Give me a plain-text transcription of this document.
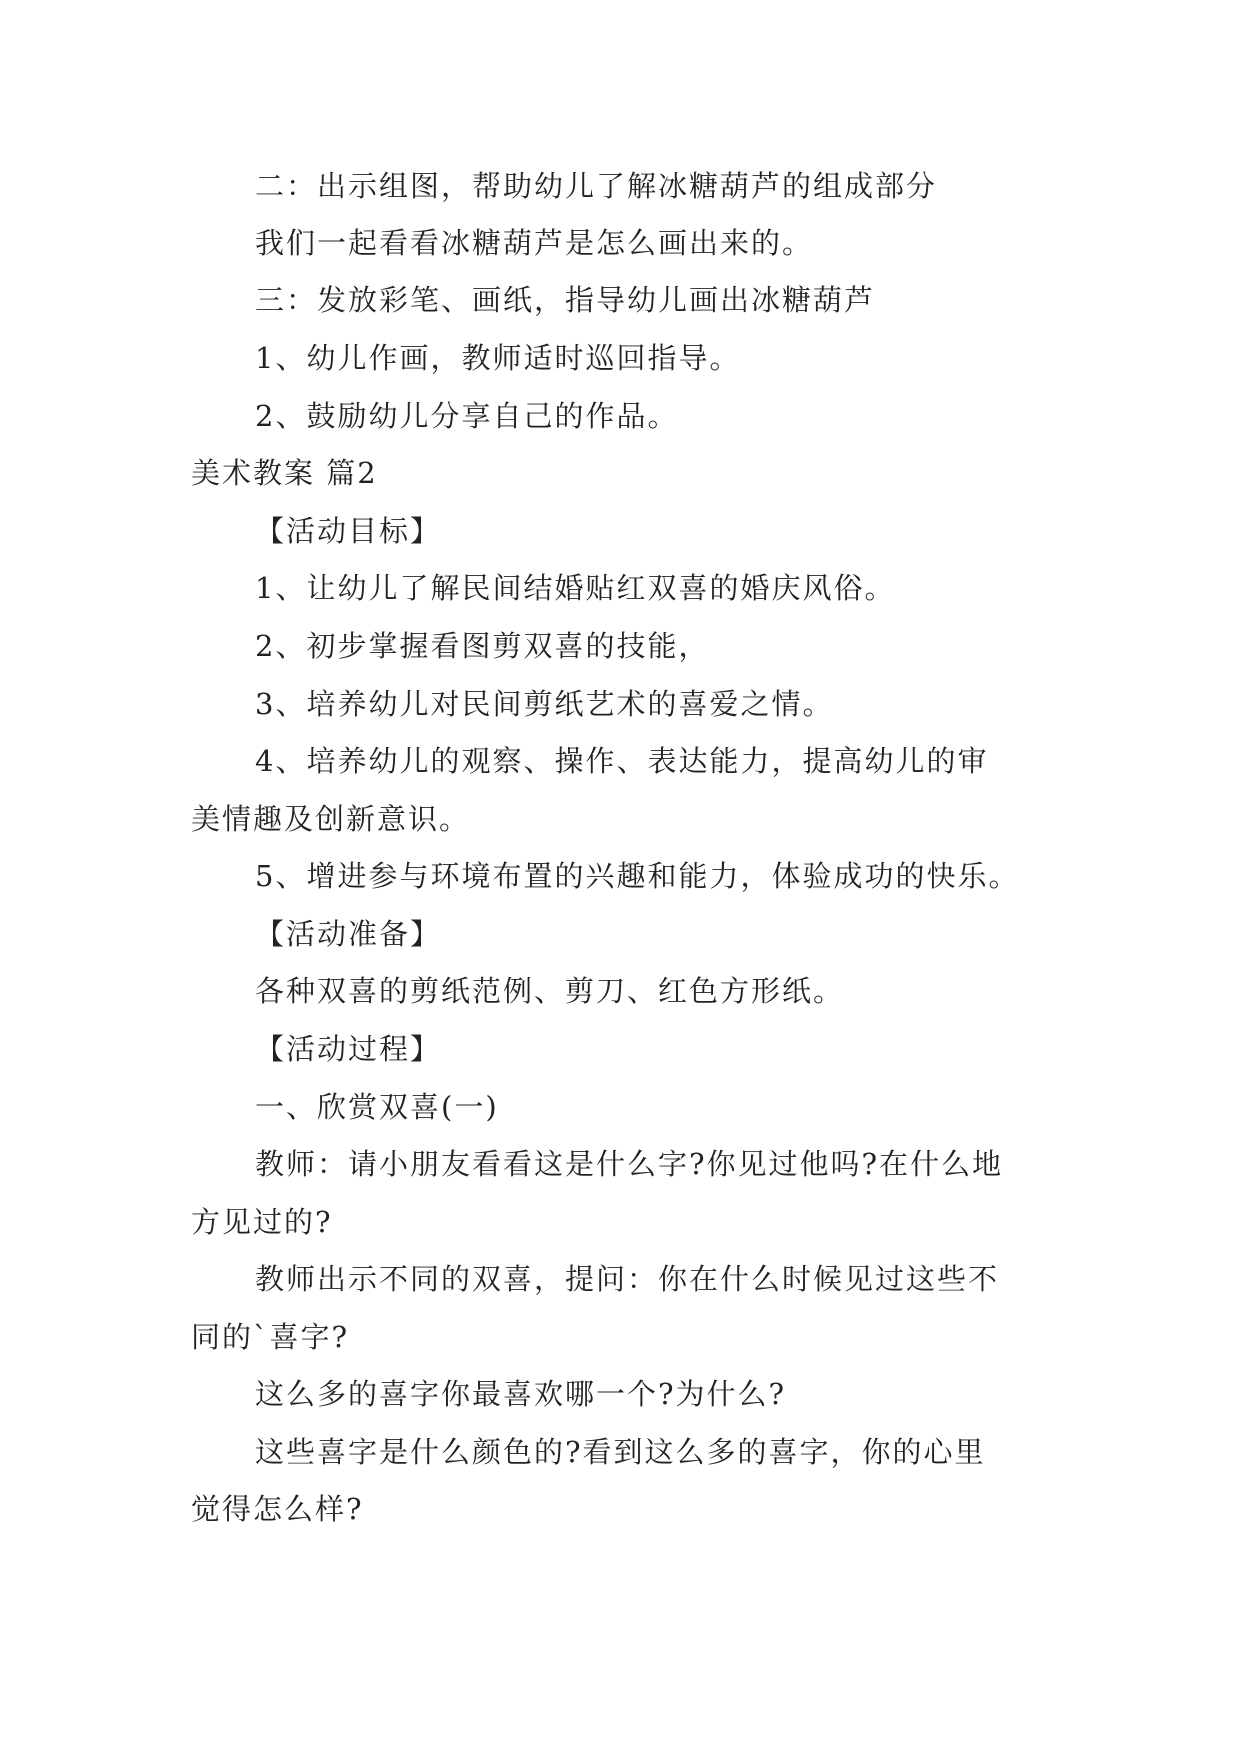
二：出示组图，帮助幼儿了解冰糖葫芦的组成部分
我们一起看看冰糖葫芦是怎么画出来的。
三：发放彩笔、画纸，指导幼儿画出冰糖葫芦
1、幼儿作画，教师适时巡回指导。
2、鼓励幼儿分享自己的作品。
美术教案 篇2
【活动目标】
1、让幼儿了解民间结婚贴红双喜的婚庆风俗。
2、初步掌握看图剪双喜的技能，
3、培养幼儿对民间剪纸艺术的喜爱之情。
4、培养幼儿的观察、操作、表达能力，提高幼儿的审
美情趣及创新意识。
5、增进参与环境布置的兴趣和能力，体验成功的快乐。
【活动准备】
各种双喜的剪纸范例、剪刀、红色方形纸。
【活动过程】
一、欣赏双喜(一)
教师：请小朋友看看这是什么字?你见过他吗?在什么地
方见过的?
教师出示不同的双喜，提问：你在什么时候见过这些不
同的`喜字?
这么多的喜字你最喜欢哪一个?为什么?
这些喜字是什么颜色的?看到这么多的喜字，你的心里
觉得怎么样?
